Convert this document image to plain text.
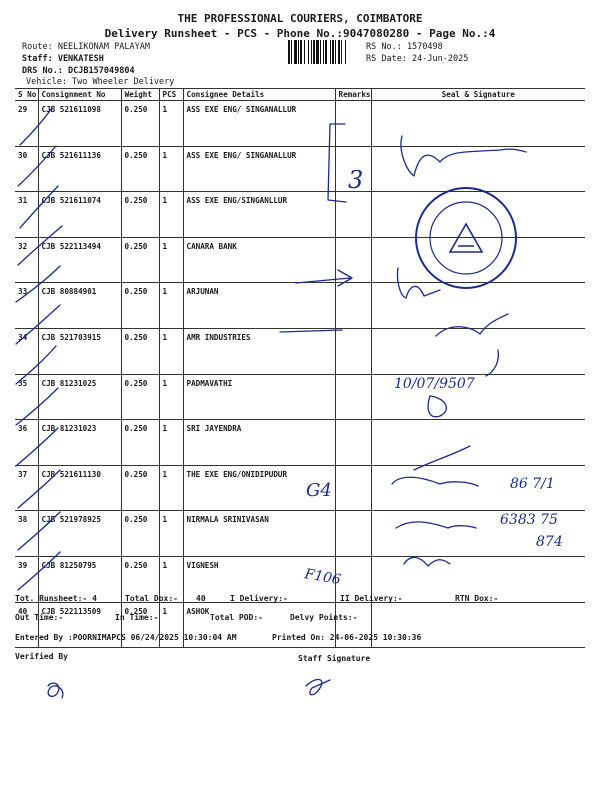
THE PROFESSIONAL COURIERS, COIMBATORE
Delivery Runsheet - PCS - Phone No.:9047080280 - Page No.:4
Route: NEELIKONAM PALAYAM
Staff: VENKATESH
DRS No.: DCJB157049804
Vehicle: Two Wheeler Delivery
RS No.: 1570498
RS Date: 24-Jun-2025
S No	Consignment No	Weight	PCS	Consignee Details	Remarks	Seal & Signature
29	CJB 521611098	0.250	1	ASS EXE ENG/ SINGANALLUR		
30	CJB 521611136	0.250	1	ASS EXE ENG/ SINGANALLUR		
31	CJB 521611074	0.250	1	ASS EXE ENG/SINGANLLUR		
32	CJB 522113494	0.250	1	CANARA BANK		
33	CJB 80884901	0.250	1	ARJUNAN		
34	CJB 521703915	0.250	1	AMR INDUSTRIES		
35	CJB 81231025	0.250	1	PADMAVATHI		
36	CJB 81231023	0.250	1	SRI JAYENDRA		
37	CJB 521611130	0.250	1	THE EXE ENG/ONIDIPUDUR		
38	CJB 521978925	0.250	1	NIRMALA SRINIVASAN		
39	CJB 81250795	0.250	1	VIGNESH		
40	CJB 522113509	0.250	1	ASHOK		
Tot. Runsheet:- 4	Total Dox:- 40	I Delivery:-	II Delivery:-	RTN Dox:-
Out Time:-	In Time:-	Total POD:-	Delvy Points:-
Entered By :POORNIMAPCS 06/24/2025 10:30:04 AM	Printed On: 24-06-2025 10:30:36
Verified By	Staff Signature
3
10/07/9507
G4
F106
86 7/1
6383 75
874
